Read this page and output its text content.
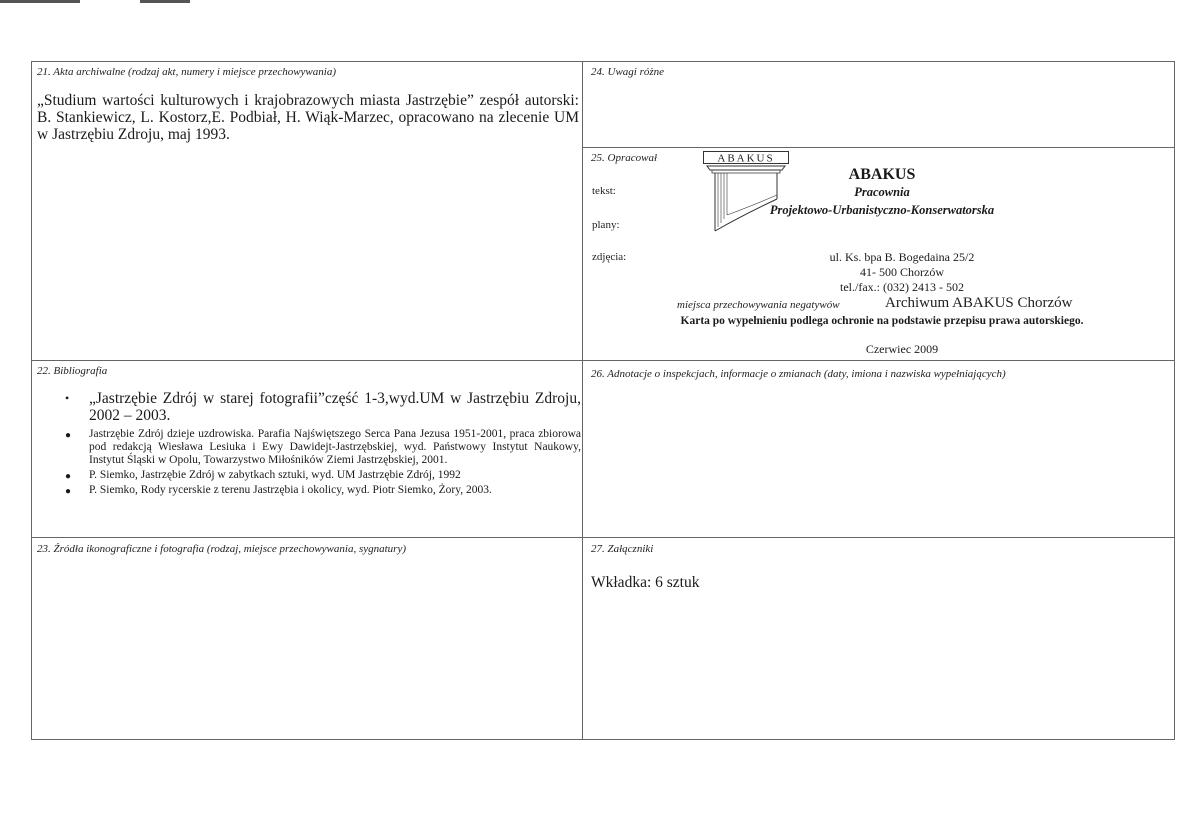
21. Akta archiwalne (rodzaj akt, numery i miejsce przechowywania)
„Studium wartości kulturowych i krajobrazowych miasta Jastrzębie” zespół autorski: B. Stankiewicz, L. Kostorz,E. Podbiał, H. Wiąk-Marzec, opracowano na zlecenie UM w Jastrzębiu Zdroju, maj 1993.
24. Uwagi różne
25. Opracował
tekst:
plany:
zdjęcia:
ABAKUS
ABAKUS
Pracownia
Projektowo-Urbanistyczno-Konserwatorska
ul. Ks. bpa B. Bogedaina 25/2
41- 500 Chorzów
tel./fax.: (032) 2413 - 502
miejsca przechowywania negatywów	Archiwum ABAKUS Chorzów
Karta po wypełnieniu podlega ochronie na podstawie przepisu prawa autorskiego.
Czerwiec 2009
22. Bibliografia
• „Jastrzębie Zdrój w starej fotografii”część 1-3,wyd.UM w Jastrzębiu Zdroju, 2002 – 2003.
● Jastrzębie Zdrój dzieje uzdrowiska. Parafia Najświętszego Serca Pana Jezusa 1951-2001, praca zbiorowa pod redakcją Wiesława Lesiuka i Ewy Dawidejt-Jastrzębskiej, wyd. Państwowy Instytut Naukowy, Instytut Śląski w Opolu, Towarzystwo Miłośników Ziemi Jastrzębskiej, 2001.
● P. Siemko, Jastrzębie Zdrój w zabytkach sztuki, wyd. UM Jastrzębie Zdrój, 1992
● P. Siemko, Rody rycerskie z terenu Jastrzębia i okolicy, wyd. Piotr Siemko, Żory, 2003.
26. Adnotacje o inspekcjach, informacje o zmianach (daty, imiona i nazwiska wypełniających)
23. Źródła ikonograficzne i fotografia (rodzaj, miejsce przechowywania, sygnatury)	27. Załączniki
Wkładka: 6 sztuk
